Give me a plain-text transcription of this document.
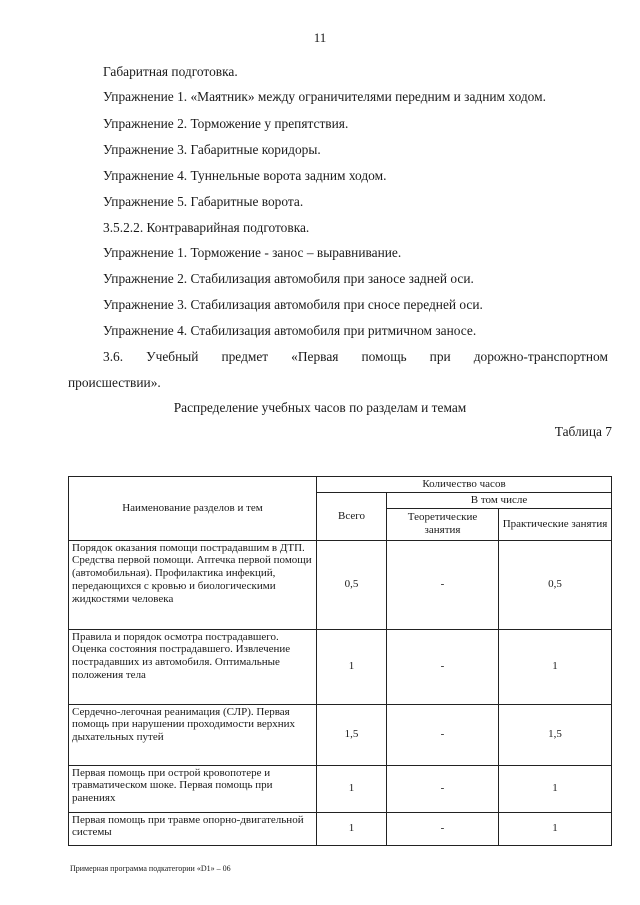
11
Габаритная подготовка.
Упражнение 1. «Маятник» между ограничителями передним и задним ходом.
Упражнение 2. Торможение у препятствия.
Упражнение 3. Габаритные коридоры.
Упражнение 4. Туннельные ворота задним ходом.
Упражнение 5. Габаритные ворота.
3.5.2.2. Контраварийная подготовка.
Упражнение 1. Торможение - занос – выравнивание.
Упражнение 2. Стабилизация автомобиля при заносе задней оси.
Упражнение 3. Стабилизация автомобиля при сносе передней оси.
Упражнение 4. Стабилизация автомобиля при ритмичном заносе.
3.6. Учебный предмет «Первая помощь при дорожно-транспортном
происшествии».
Распределение учебных часов по разделам и темам
Таблица 7
Наименование разделов и тем	Количество часов		
	Всего	В том числе	
		Теоретические занятия	Практические занятия
Порядок оказания помощи пострадавшим в ДТП. Средства первой помощи. Аптечка первой помощи (автомобильная). Профилактика инфекций, передающихся с кровью и биологическими жидкостями человека	0,5	-	0,5
Правила и порядок осмотра пострадавшего. Оценка состояния пострадавшего. Извлечение пострадавших из автомобиля. Оптимальные положения тела	1	-	1
Сердечно-легочная реанимация (СЛР). Первая помощь при нарушении проходимости верхних дыхательных путей	1,5	-	1,5
Первая помощь при острой кровопотере и травматическом шоке. Первая помощь при ранениях	1	-	1
Первая помощь при травме опорно-двигательной системы	1	-	1
Примерная программа подкатегории «D1» – 06
